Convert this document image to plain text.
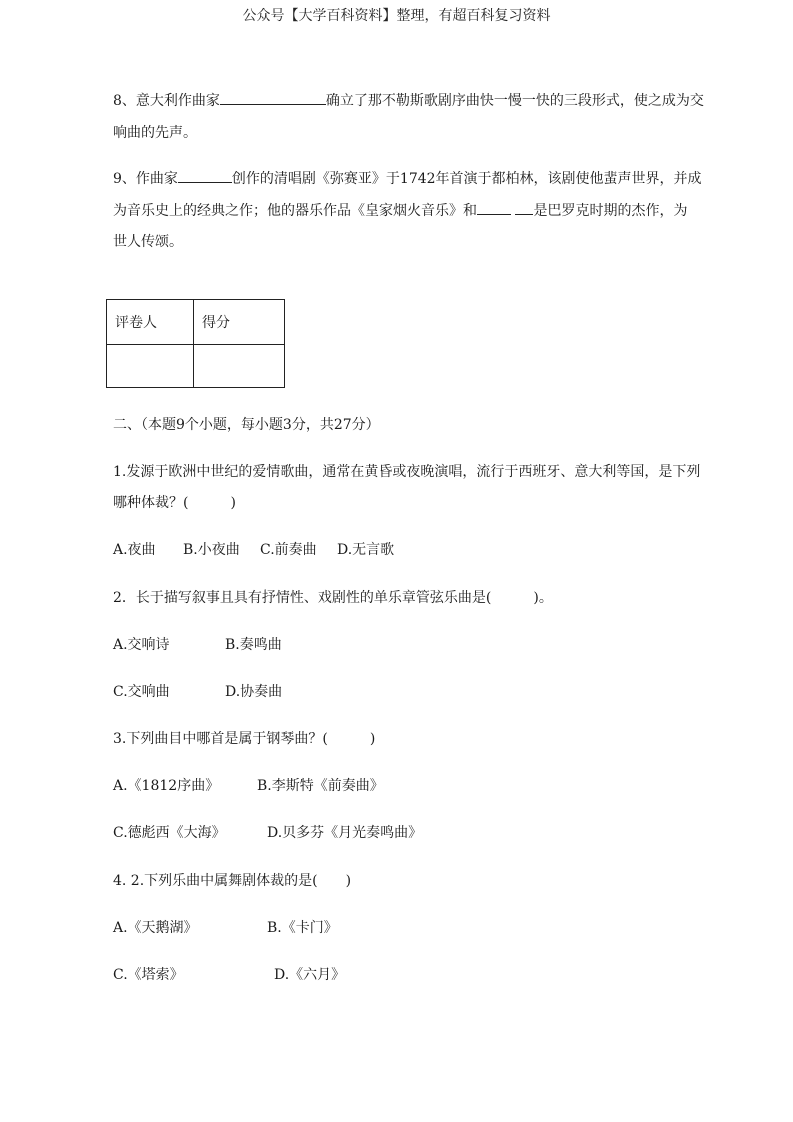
公众号【大学百科资料】整理，有超百科复习资料
8、意大利作曲家	确立了那不勒斯歌剧序曲快一慢一快的三段形式，使之成为交
响曲的先声。
9、作曲家	创作的清唱剧《弥赛亚》于1742年首演于都柏林，该剧使他蜚声世界，并成
为音乐史上的经典之作；他的器乐作品《皇家烟火音乐》和	是巴罗克时期的杰作，为
世人传颂。
评卷人	得分

二、（本题9个小题，每小题3分，共27分）
1.发源于欧洲中世纪的爱情歌曲，通常在黄昏或夜晚演唱，流行于西班牙、意大利等国，是下列
哪种体裁？(　　　)
A.夜曲 B.小夜曲 C.前奏曲 D.无言歌
2．长于描写叙事且具有抒情性、戏剧性的单乐章管弦乐曲是(　　　)。
A.交响诗	B.奏鸣曲
C.交响曲	D.协奏曲
3.下列曲目中哪首是属于钢琴曲？(　　　)
A.《1812序曲》	B.李斯特《前奏曲》
C.德彪西《大海》	D.贝多芬《月光奏鸣曲》
4. 2.下列乐曲中属舞剧体裁的是(　　)
A.《天鹅湖》	B.《卡门》
C.《塔索》	D.《六月》
